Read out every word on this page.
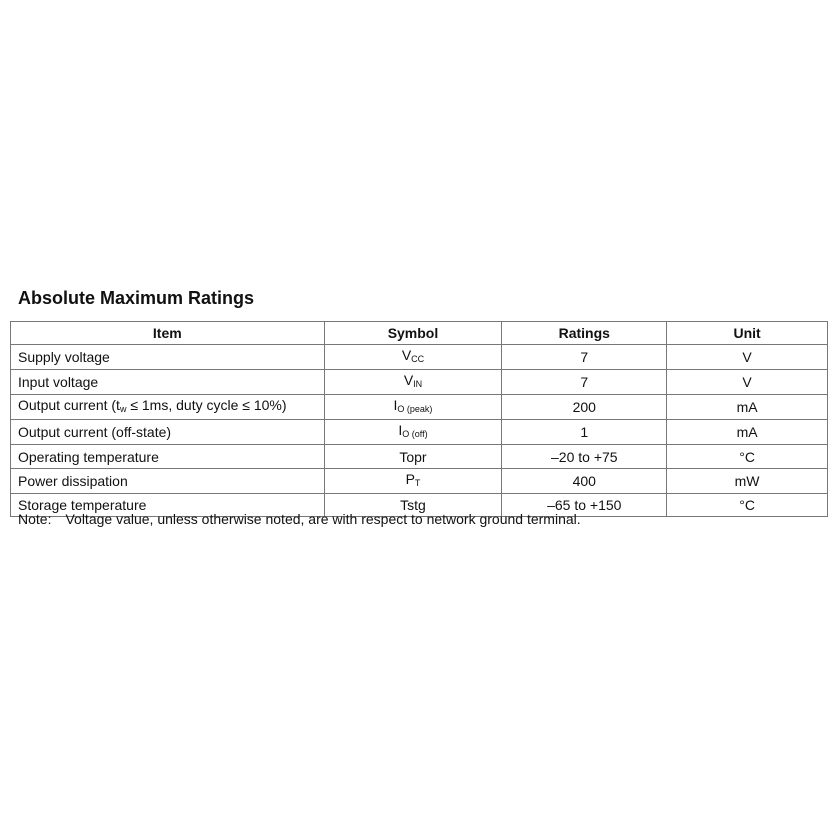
Absolute Maximum Ratings
Item	Symbol	Ratings	Unit
Supply voltage	$V_{CC}$	7	V
Input voltage	$V_{IN}$	7	V
Output current ($t_w \le 1ms$, duty cycle ≤ 10%)	$I_{O (peak)}$	200	mA
Output current (off-state)	$I_{O (off)}$	1	mA
Operating temperature	Topr	–20 to +75	°C
Power dissipation	$P_T$	400	mW
Storage temperature	Tstg	–65 to +150	°C
Note: Voltage value, unless otherwise noted, are with respect to network ground terminal.
